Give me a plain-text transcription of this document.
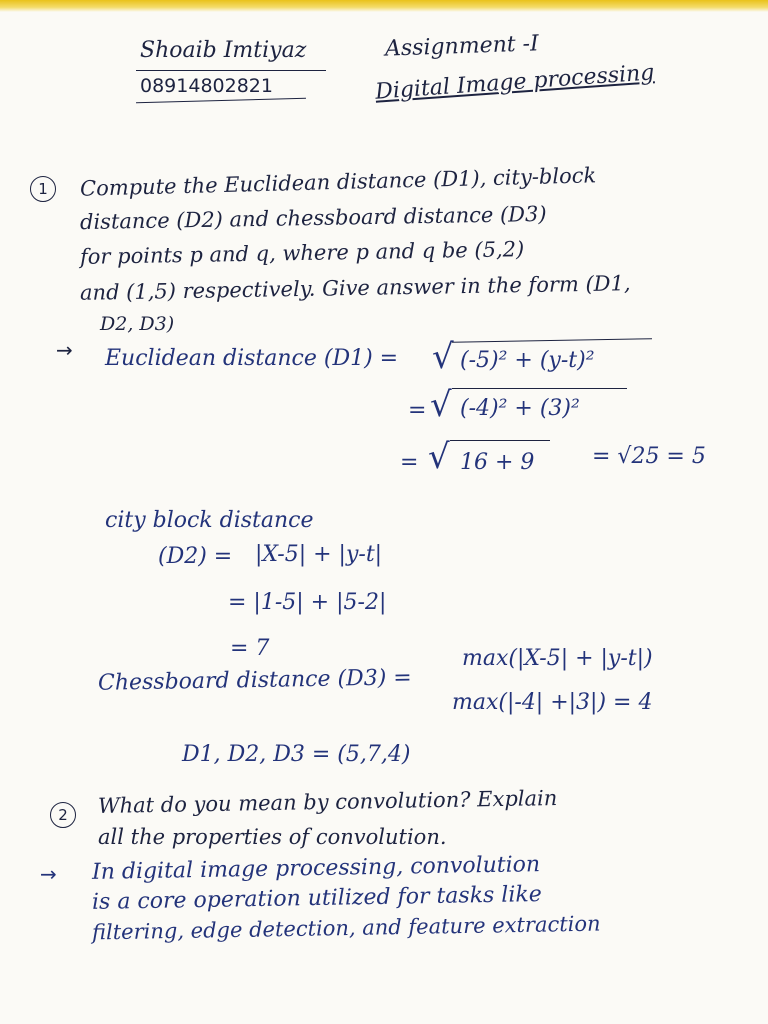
Shoaib Imtiyaz
08914802821
Assignment -I
Digital Image processing
1	Compute the Euclidean distance (D1), city-block
distance (D2) and chessboard distance (D3)
for points p and q, where p and q be (5,2)
and (1,5) respectively. Give answer in the form (D1,
D2, D3)
→ Euclidean distance (D1) = √ (-5)² + (y-t)²
= √ (-4)² + (3)²
= √ 16 + 9	= √25 = 5
city block distance
(D2) = |X-5| + |y-t|
= |1-5| + |5-2|
= 7
Chessboard distance (D3) =
max(|X-5| + |y-t|)
max(|-4| +|3|) = 4
D1, D2, D3 = (5,7,4)
2	What do you mean by convolution? Explain
all the properties of convolution.
→ In digital image processing, convolution
is a core operation utilized for tasks like
filtering, edge detection, and feature extraction
